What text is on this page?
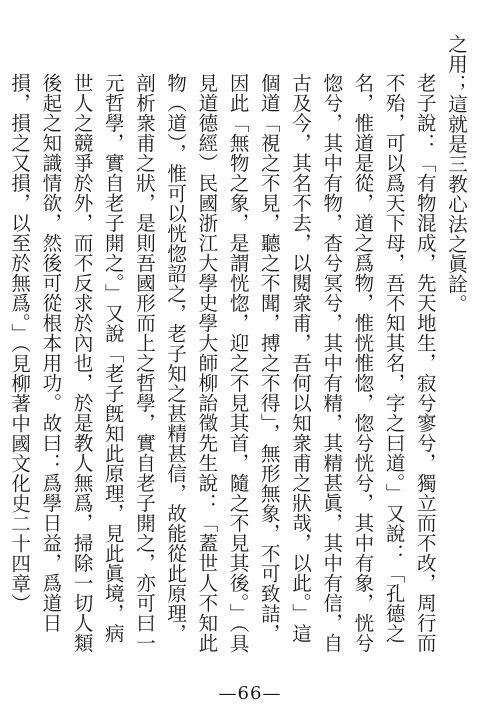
之用；這就是三教心法之眞詮。

老子說：「有物混成，先天地生，寂兮寥兮，獨立而不改，周行而不殆，可以爲天下母，吾不知其名，字之曰道。」又說：「孔德之名，惟道是從，道之爲物，惟恍惟惚，惚兮恍兮，其中有象，恍兮惚兮，其中有物，杳兮冥兮，其中有精，其精甚眞，其中有信，自古及今，其名不去，以閱衆甫，吾何以知衆甫之狀哉，以此。」這個道「視之不見，聽之不聞，搏之不得」，無形無象，不可致詰，因此「無物之象，是謂恍惚，迎之不見其首，隨之不見其後。」（具見道德經）民國浙江大學史學大師柳詒徵先生說：「蓋世人不知此物（道），惟可以恍惚詔之，老子知之甚精甚信，故能從此原理，剖析衆甫之狀，是則吾國形而上之哲學，實自老子開之，亦可曰一元哲學，實自老子開之。」又說「老子旣知此原理，見此眞境，病世人之競爭於外，而不反求於內也，於是教人無爲，掃除一切人類後起之知識情欲，然後可從根本用功。故曰：爲學日益，爲道日損，損之又損，以至於無爲。」（見柳著中國文化史二十四章）

—66—
